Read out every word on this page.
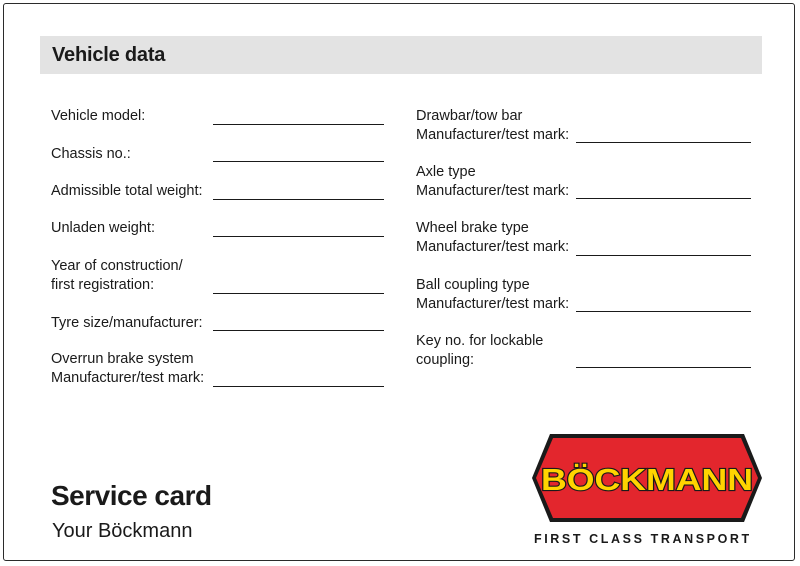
Vehicle data
Vehicle model:
Chassis no.:
Admissible total weight:
Unladen weight:
Year of construction/
first registration:
Tyre size/manufacturer:
Overrun brake system
Manufacturer/test mark:
Drawbar/tow bar
Manufacturer/test mark:
Axle type
Manufacturer/test mark:
Wheel brake type
Manufacturer/test mark:
Ball coupling type
Manufacturer/test mark:
Key no. for lockable
coupling:
Service card
Your Böckmann
BÖCKMANN
FIRST CLASS TRANSPORT
